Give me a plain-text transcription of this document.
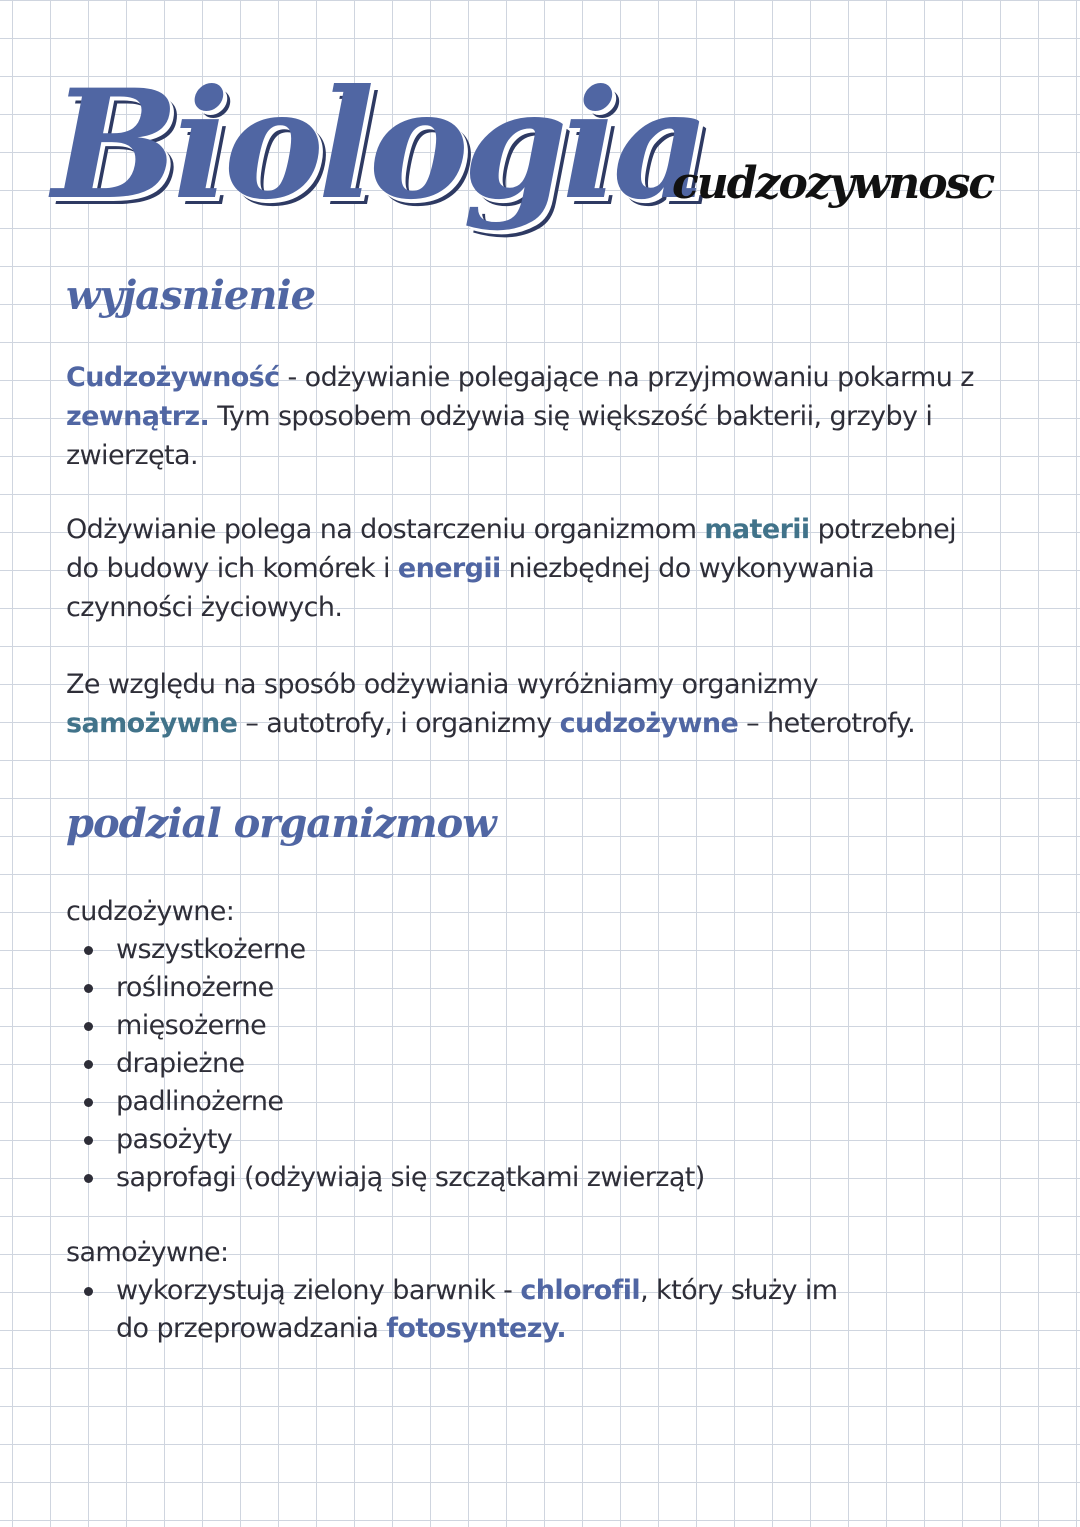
Biologia
cudzozywnosc
wyjasnienie

Cudzożywność - odżywianie polegające na przyjmowaniu pokarmu z zewnątrz. Tym sposobem odżywia się większość bakterii, grzyby i zwierzęta.

Odżywianie polega na dostarczeniu organizmom materii potrzebnej do budowy ich komórek i energii niezbędnej do wykonywania czynności życiowych.

Ze względu na sposób odżywiania wyróżniamy organizmy samożywne – autotrofy, i organizmy cudzożywne – heterotrofy.

podzial organizmow
cudzożywne:
wszystkożerne
roślinożerne
mięsożerne
drapieżne
padlinożerne
pasożyty
saprofagi (odżywiają się szczątkami zwierząt)
samożywne:
wykorzystują zielony barwnik - chlorofil, który służy im do przeprowadzania fotosyntezy.
